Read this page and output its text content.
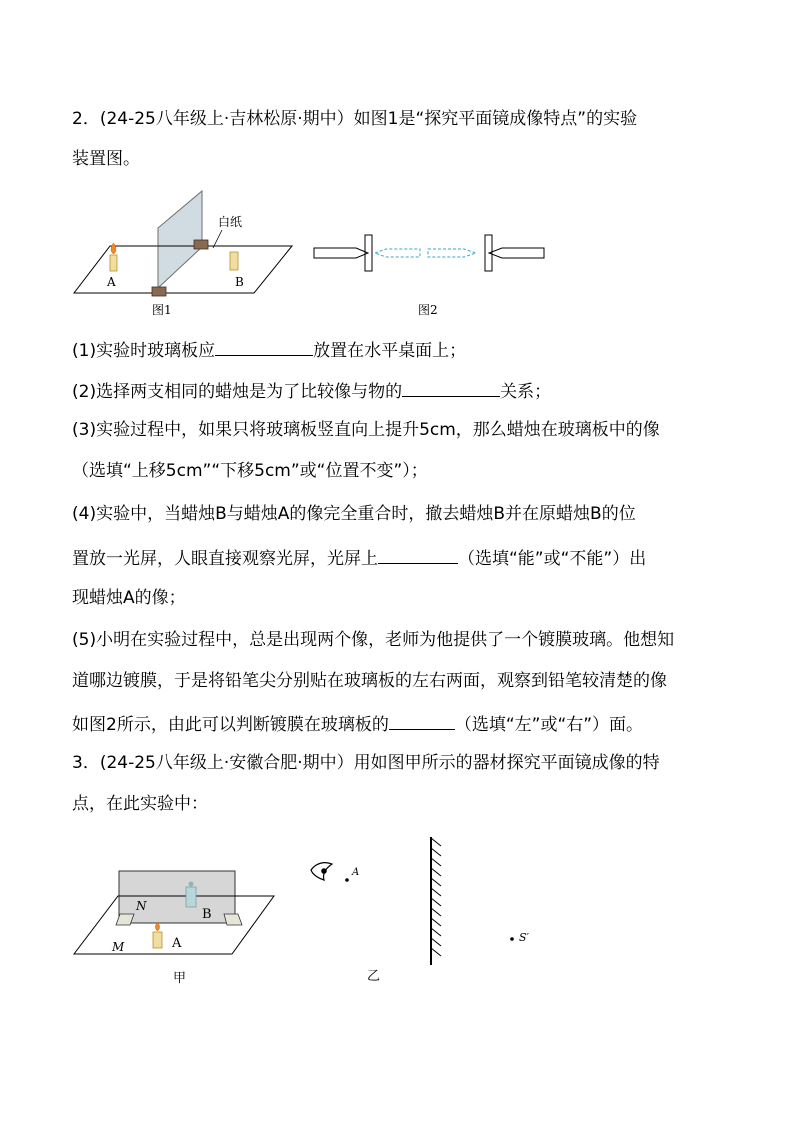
2．(24-25八年级上·吉林松原·期中）如图1是“探究平面镜成像特点”的实验
装置图。
白纸
A	B
图1	图2
(1)实验时玻璃板应	放置在水平桌面上；
(2)选择两支相同的蜡烛是为了比较像与物的	关系；
(3)实验过程中，如果只将玻璃板竖直向上提升5cm，那么蜡烛在玻璃板中的像
（选填“上移5cm”“下移5cm”或“位置不变”）；
(4)实验中，当蜡烛B与蜡烛A的像完全重合时，撤去蜡烛B并在原蜡烛B的位
置放一光屏，人眼直接观察光屏，光屏上	（选填“能”或“不能”）出
现蜡烛A的像；
(5)小明在实验过程中，总是出现两个像，老师为他提供了一个镀膜玻璃。他想知
道哪边镀膜，于是将铅笔尖分别贴在玻璃板的左右两面，观察到铅笔较清楚的像
如图2所示，由此可以判断镀膜在玻璃板的	（选填“左”或“右”）面。
3．(24-25八年级上·安徽合肥·期中）用如图甲所示的器材探究平面镜成像的特
点，在此实验中：
N
B
M	A
甲
A
S′
乙
